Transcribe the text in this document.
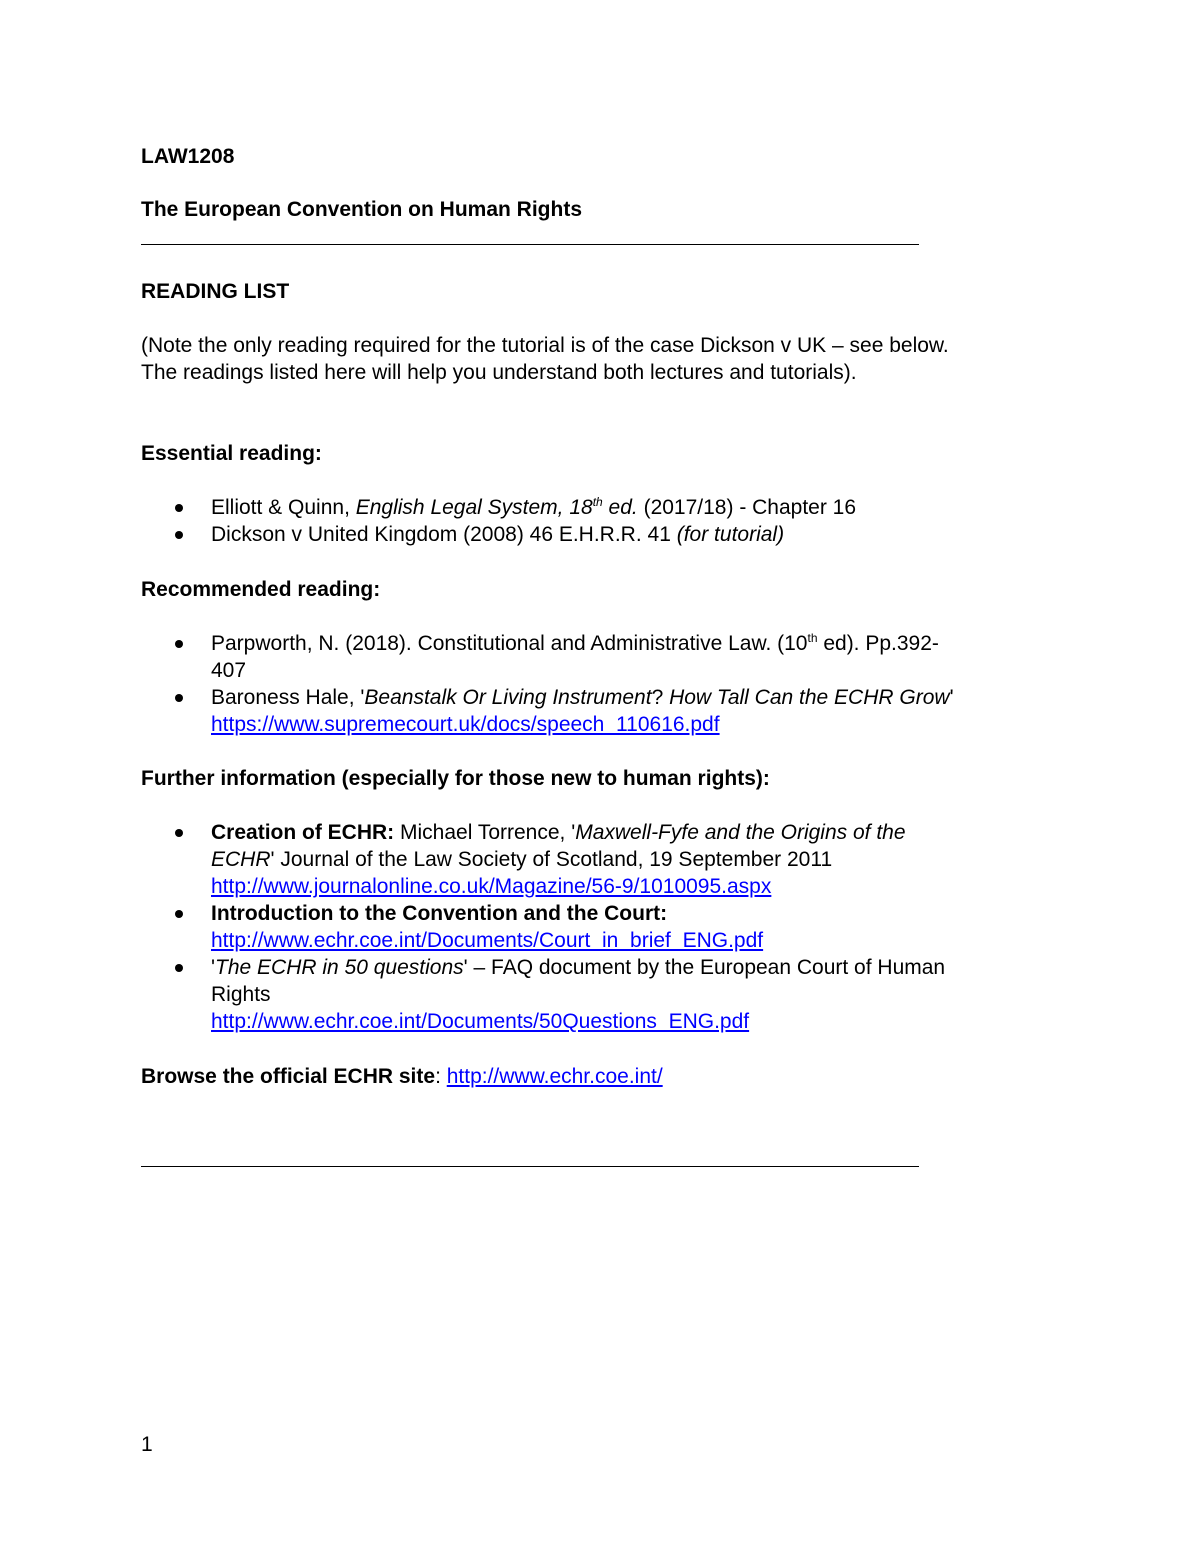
LAW1208
The European Convention on Human Rights
READING LIST
(Note the only reading required for the tutorial is of the case Dickson v UK – see below.
The readings listed here will help you understand both lectures and tutorials).
Essential reading:
Elliott & Quinn, English Legal System, 18th ed. (2017/18) - Chapter 16
Dickson v United Kingdom (2008) 46 E.H.R.R. 41 (for tutorial)
Recommended reading:
Parpworth, N. (2018). Constitutional and Administrative Law. (10th ed). Pp.392-
407
Baroness Hale, 'Beanstalk Or Living Instrument? How Tall Can the ECHR Grow'
https://www.supremecourt.uk/docs/speech_110616.pdf
Further information (especially for those new to human rights):
Creation of ECHR: Michael Torrence, 'Maxwell-Fyfe and the Origins of the
ECHR' Journal of the Law Society of Scotland, 19 September 2011
http://www.journalonline.co.uk/Magazine/56-9/1010095.aspx
Introduction to the Convention and the Court:
http://www.echr.coe.int/Documents/Court_in_brief_ENG.pdf
'The ECHR in 50 questions' – FAQ document by the European Court of Human
Rights
http://www.echr.coe.int/Documents/50Questions_ENG.pdf
Browse the official ECHR site: http://www.echr.coe.int/
1
